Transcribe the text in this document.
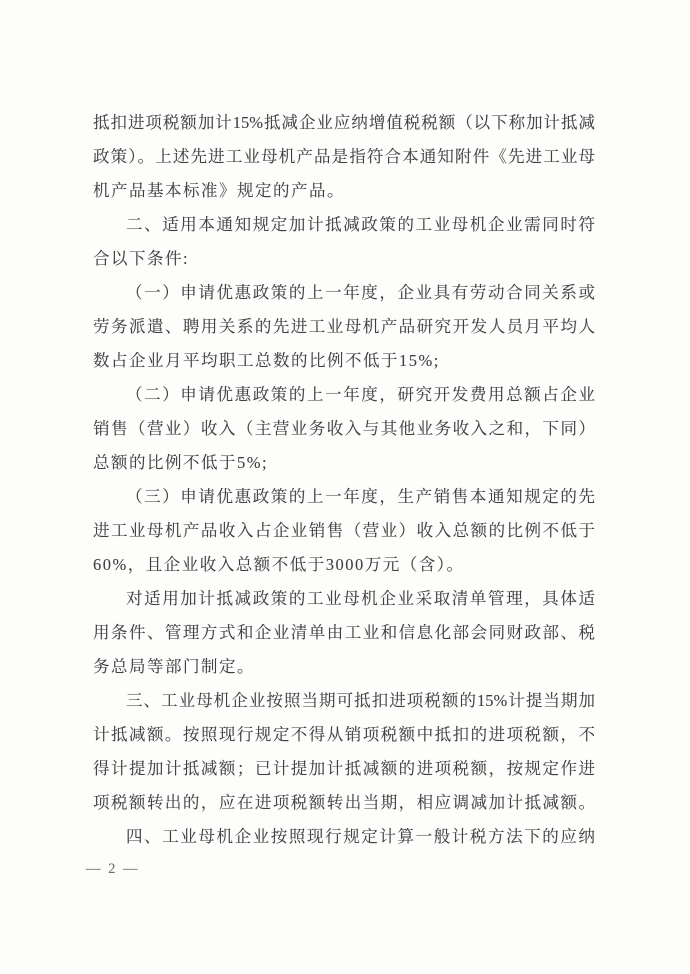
抵扣进项税额加计15%抵减企业应纳增值税税额（以下称加计抵减
政策）。上述先进工业母机产品是指符合本通知附件《先进工业母
机产品基本标准》规定的产品。
二、适用本通知规定加计抵减政策的工业母机企业需同时符
合以下条件:
（一）申请优惠政策的上一年度，企业具有劳动合同关系或
劳务派遣、聘用关系的先进工业母机产品研究开发人员月平均人
数占企业月平均职工总数的比例不低于15%;
（二）申请优惠政策的上一年度，研究开发费用总额占企业
销售（营业）收入（主营业务收入与其他业务收入之和，下同）
总额的比例不低于5%;
（三）申请优惠政策的上一年度，生产销售本通知规定的先
进工业母机产品收入占企业销售（营业）收入总额的比例不低于
60%，且企业收入总额不低于3000万元（含）。
对适用加计抵减政策的工业母机企业采取清单管理，具体适
用条件、管理方式和企业清单由工业和信息化部会同财政部、税
务总局等部门制定。
三、工业母机企业按照当期可抵扣进项税额的15%计提当期加
计抵减额。按照现行规定不得从销项税额中抵扣的进项税额，不
得计提加计抵减额；已计提加计抵减额的进项税额，按规定作进
项税额转出的，应在进项税额转出当期，相应调减加计抵减额。
四、工业母机企业按照现行规定计算一般计税方法下的应纳
— 2 —
